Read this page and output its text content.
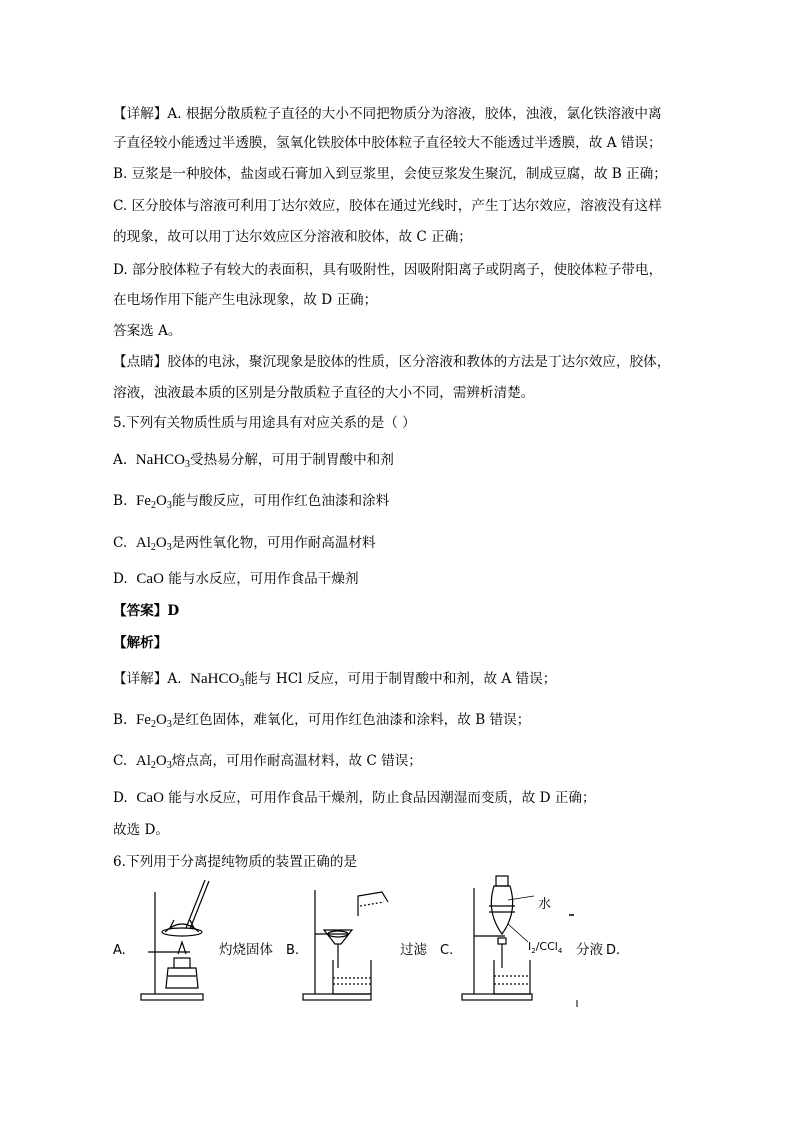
【详解】A. 根据分散质粒子直径的大小不同把物质分为溶液，胶体，浊液，氯化铁溶液中离
子直径较小能透过半透膜，氢氧化铁胶体中胶体粒子直径较大不能透过半透膜，故 A 错误；
B. 豆浆是一种胶体，盐卤或石膏加入到豆浆里，会使豆浆发生聚沉，制成豆腐，故 B 正确；
C. 区分胶体与溶液可利用丁达尔效应，胶体在通过光线时，产生丁达尔效应，溶液没有这样
的现象，故可以用丁达尔效应区分溶液和胶体，故 C 正确；
D. 部分胶体粒子有较大的表面积，具有吸附性，因吸附阳离子或阴离子，使胶体粒子带电，
在电场作用下能产生电泳现象，故 D 正确；
答案选 A。
【点睛】胶体的电泳，聚沉现象是胶体的性质，区分溶液和教体的方法是丁达尔效应，胶体，
溶液，浊液最本质的区别是分散质粒子直径的大小不同，需辨析清楚。
5.下列有关物质性质与用途具有对应关系的是（ ）
A. NaHCO$_3$受热易分解，可用于制胃酸中和剂
B. $Fe_2O_3$能与酸反应，可用作红色油漆和涂料
C. $Al_2O_3$是两性氧化物，可用作耐高温材料
D. CaO 能与水反应，可用作食品干燥剂
【答案】D
【解析】
【详解】A. NaHCO$_3$能与 HCl 反应，可用于制胃酸中和剂，故 A 错误；
B. $Fe_2O_3$是红色固体，难氧化，可用作红色油漆和涂料，故 B 错误；
C. $Al_2O_3$熔点高，可用作耐高温材料，故 C 错误；
D. CaO 能与水反应，可用作食品干燥剂，防止食品因潮湿而变质，故 D 正确；
故选 D。
6.下列用于分离提纯物质的装置正确的是
A.	灼烧固体 B.	过滤 C.	分液 D.
水
$I_2/CCl_4$
